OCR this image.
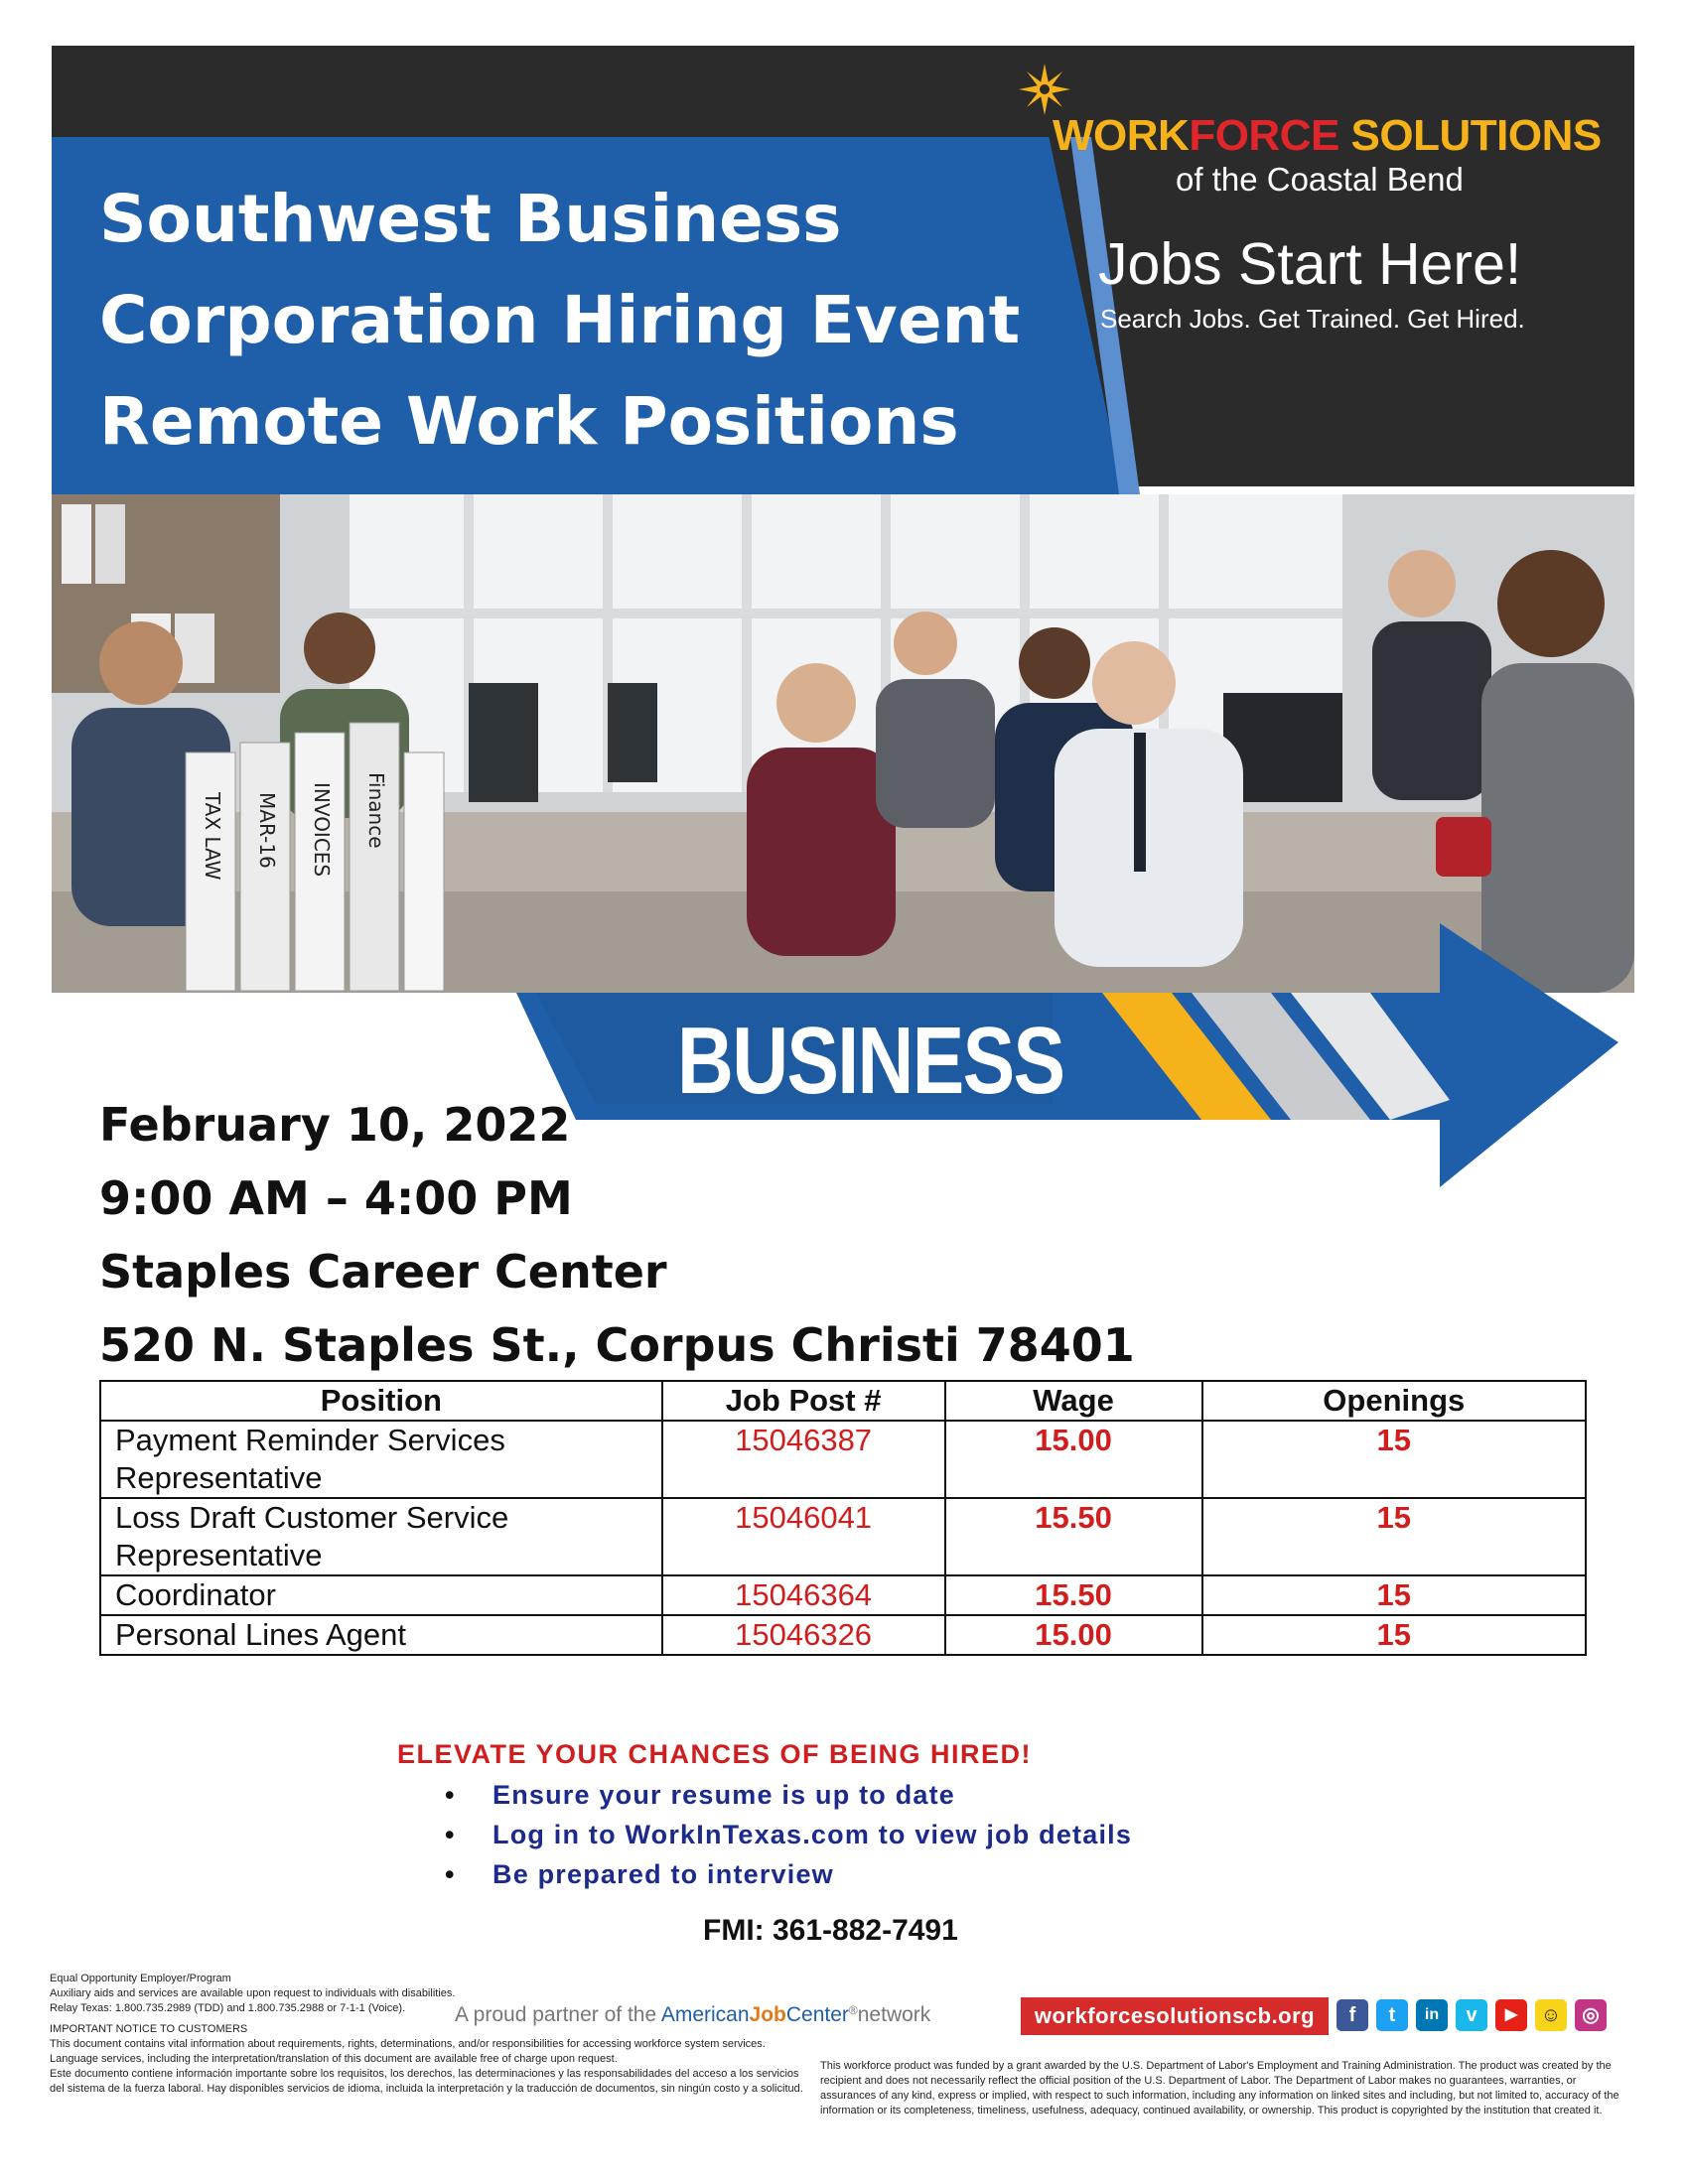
Southwest Business
Corporation Hiring Event
Remote Work Positions
WORKFORCE SOLUTIONS
of the Coastal Bend
Jobs Start Here!
Search Jobs. Get Trained. Get Hired.
TAX LAW MAR-16 INVOICES Finance
BUSINESS
February 10, 2022
9:00 AM – 4:00 PM
Staples Career Center
520 N. Staples St., Corpus Christi 78401
Position	Job Post #	Wage	Openings
Payment Reminder Services Representative	15046387	15.00	15
Loss Draft Customer Service Representative	15046041	15.50	15
Coordinator	15046364	15.50	15
Personal Lines Agent	15046326	15.00	15
ELEVATE YOUR CHANCES OF BEING HIRED!
• Ensure your resume is up to date
• Log in to WorkInTexas.com to view job details
• Be prepared to interview
FMI: 361-882-7491
Equal Opportunity Employer/Program
Auxiliary aids and services are available upon request to individuals with disabilities.
Relay Texas: 1.800.735.2989 (TDD) and 1.800.735.2988 or 7-1-1 (Voice).
IMPORTANT NOTICE TO CUSTOMERS
This document contains vital information about requirements, rights, determinations, and/or responsibilities for accessing workforce system services.
Language services, including the interpretation/translation of this document are available free of charge upon request.
Este documento contiene información importante sobre los requisitos, los derechos, las determinaciones y las responsabilidades del acceso a los servicios
del sistema de la fuerza laboral. Hay disponibles servicios de idioma, incluida la interpretación y la traducción de documentos, sin ningún costo y a solicitud.
A proud partner of the AmericanJobCenter®network	workforcesolutionscb.org	f	t	in	v	▶	☺	◎
This workforce product was funded by a grant awarded by the U.S. Department of Labor's Employment and Training Administration. The product was created by the recipient and does not necessarily reflect the official position of the U.S. Department of Labor. The Department of Labor makes no guarantees, warranties, or assurances of any kind, express or implied, with respect to such information, including any information on linked sites and including, but not limited to, accuracy of the information or its completeness, timeliness, usefulness, adequacy, continued availability, or ownership. This product is copyrighted by the institution that created it.
